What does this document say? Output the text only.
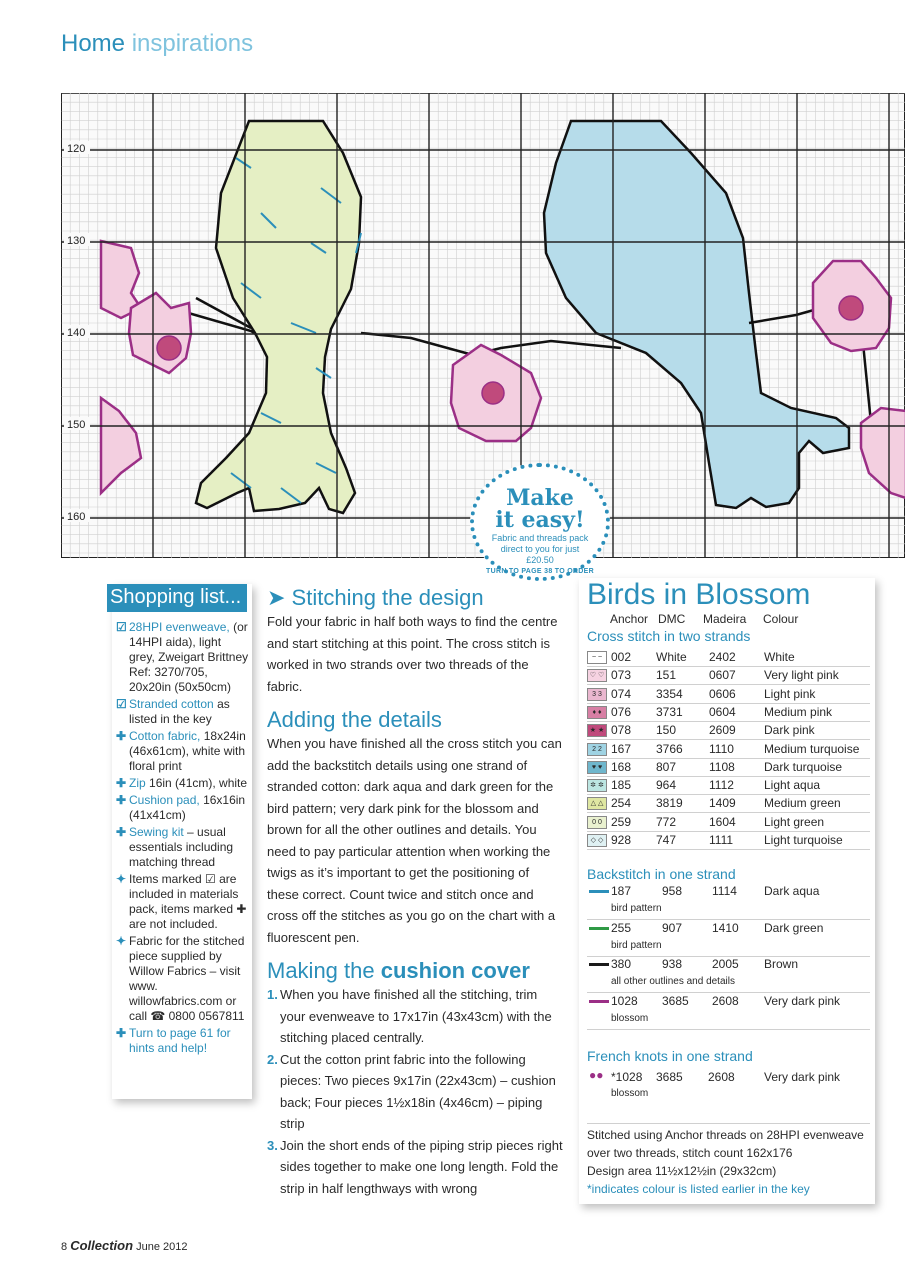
Home inspirations
120
130
140
150
160
Make
it easy!
Fabric and threads pack direct to you for just £20.50
TURN TO PAGE 38 TO ORDER
Shopping list...
☑ 28HPI evenweave, (or 14HPI aida), light grey, Zweigart Brittney Ref: 3270/705, 20x20in (50x50cm)
☑ Stranded cotton as listed in the key
✚ Cotton fabric, 18x24in (46x61cm), white with floral print
✚ Zip 16in (41cm), white
✚ Cushion pad, 16x16in (41x41cm)
✚ Sewing kit – usual essentials including matching thread
✦ Items marked ☑ are included in materials pack, items marked ✚ are not included.
✦ Fabric for the stitched piece supplied by Willow Fabrics – visit www. willowfabrics.com or call ☎ 0800 0567811
✚ Turn to page 61 for hints and help!
➤ Stitching the design

Fold your fabric in half both ways to find the centre and start stitching at this point. The cross stitch is worked in two strands over two threads of the fabric.

Adding the details

When you have finished all the cross stitch you can add the backstitch details using one strand of stranded cotton: dark aqua and dark green for the bird pattern; very dark pink for the blossom and brown for all the other outlines and details. You need to pay particular attention when working the twigs as it’s important to get the positioning of these correct. Count twice and stitch once and cross off the stitches as you go on the chart with a fluorescent pen.

Making the cushion cover
1. When you have finished all the stitching, trim your evenweave to 17x17in (43x43cm) with the stitching placed centrally.
2. Cut the cotton print fabric into the following pieces: Two pieces 9x17in (22x43cm) – cushion back; Four pieces 1½x18in (4x46cm) – piping strip
3. Join the short ends of the piping strip pieces right sides together to make one long length. Fold the strip in half lengthways with wrong
Birds in Blossom
Anchor DMC Madeira Colour
Cross stitch in two strands
~ ~ 002 White 2402 White
♡ ♡ 073 151	0607 Very light pink
3 3 074 3354 0606 Light pink
♦ ♦ 076 3731 0604 Medium pink
★ ★ 078 150	2609 Dark pink
2 2 167 3766 1110	Medium turquoise
♥ ♥ 168 807	1108 Dark turquoise
✲ ✲ 185 964	1112	Light aqua
△ △ 254 3819 1409 Medium green
0 0 259 772	1604 Light green
◇ ◇ 928 747	1111	Light turquoise
Backstitch in one strand
187	958 1114 Dark aqua
bird pattern
255	907 1410 Dark green
bird pattern
380	938 2005 Brown
all other outlines and details
1028 3685 2608 Very dark pink
blossom
French knots in one strand
●● *1028 3685 2608 Very dark pink
blossom
Stitched using Anchor threads on 28HPI evenweave over two threads, stitch count 162x176
Design area 11½x12½in (29x32cm)
*indicates colour is listed earlier in the key
8 Collection June 2012
